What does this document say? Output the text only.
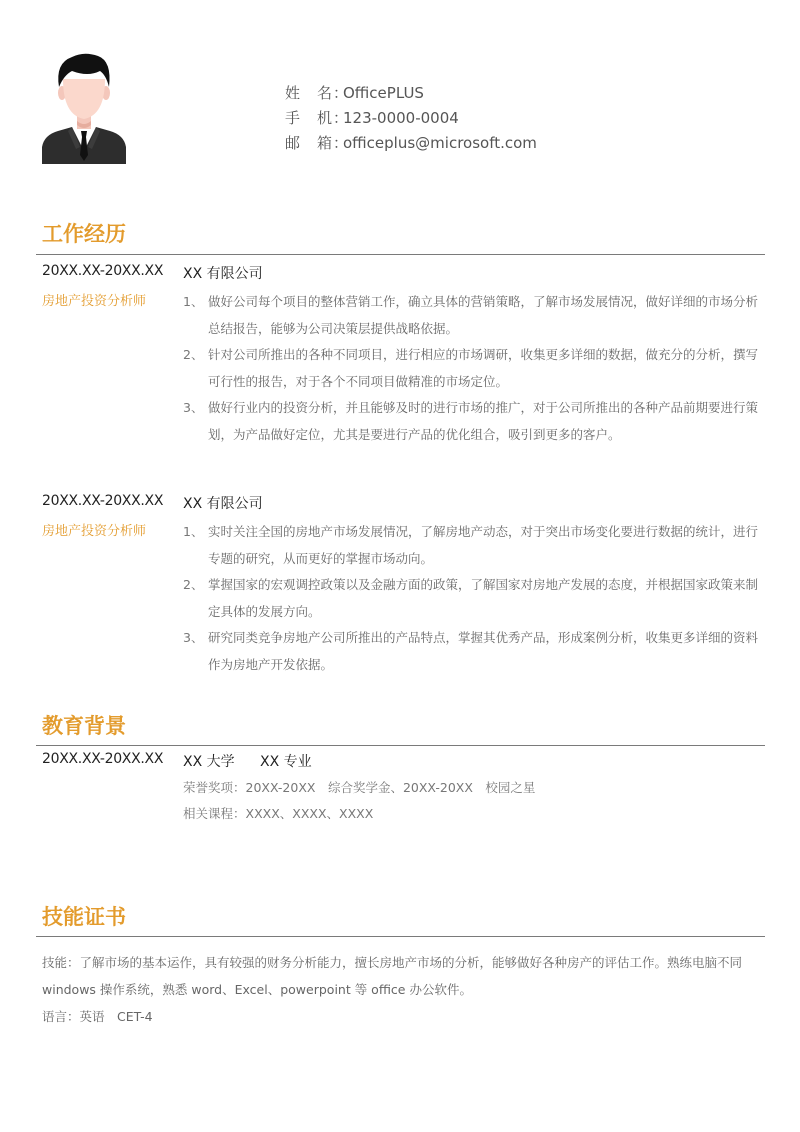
姓　名：
OfficePLUS
手　机：
123-0000-0004
邮　箱：
officeplus@microsoft.com
工作经历
20XX.XX-20XX.XX XX 有限公司
房地产投资分析师	1、 做好公司每个项目的整体营销工作，确立具体的营销策略，了解市场发展情况，做好详细的市场分析总结报告，能够为公司决策层提供战略依据。
2、 针对公司所推出的各种不同项目，进行相应的市场调研，收集更多详细的数据，做充分的分析，撰写可行性的报告，对于各个不同项目做精准的市场定位。
3、 做好行业内的投资分析，并且能够及时的进行市场的推广，对于公司所推出的各种产品前期要进行策划，为产品做好定位，尤其是要进行产品的优化组合，吸引到更多的客户。
20XX.XX-20XX.XX XX 有限公司
房地产投资分析师	1、 实时关注全国的房地产市场发展情况，了解房地产动态，对于突出市场变化要进行数据的统计，进行专题的研究，从而更好的掌握市场动向。
2、 掌握国家的宏观调控政策以及金融方面的政策，了解国家对房地产发展的态度，并根据国家政策来制定具体的发展方向。
3、 研究同类竞争房地产公司所推出的产品特点，掌握其优秀产品，形成案例分析，收集更多详细的资料作为房地产开发依据。
教育背景
20XX.XX-20XX.XX XX 大学 XX 专业
荣誉奖项：20XX-20XX　综合奖学金、20XX-20XX　校园之星
相关课程：XXXX、XXXX、XXXX
技能证书
技能：了解市场的基本运作，具有较强的财务分析能力，擅长房地产市场的分析，能够做好各种房产的评估工作。熟练电脑不同 windows 操作系统，熟悉 word、Excel、powerpoint 等 office 办公软件。
语言：英语　CET-4
